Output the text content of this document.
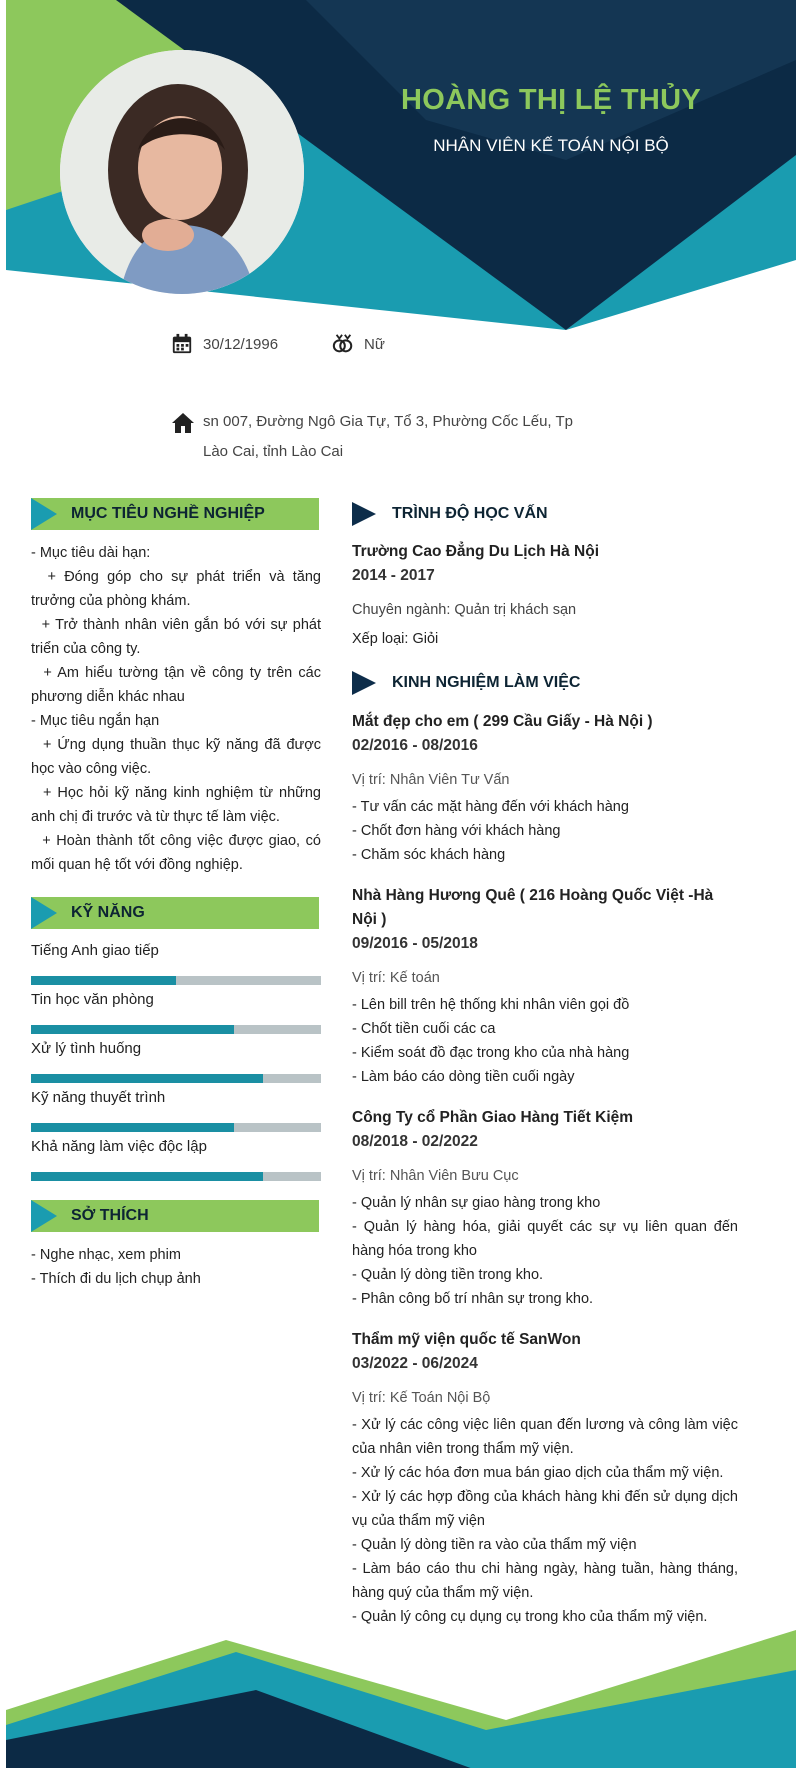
HOÀNG THỊ LỆ THỦY
NHÂN VIÊN KẾ TOÁN NỘI BỘ
30/12/1996	Nữ
sn 007, Đường Ngô Gia Tự, Tổ 3, Phường Cốc Lếu, Tp Lào Cai, tỉnh Lào Cai
MỤC TIÊU NGHỀ NGHIỆP
- Mục tiêu dài hạn:
+ Đóng góp cho sự phát triển và tăng trưởng của phòng khám.
+ Trở thành nhân viên gắn bó với sự phát triển của công ty.
+ Am hiểu tường tận về công ty trên các phương diễn khác nhau
- Mục tiêu ngắn hạn
+ Ứng dụng thuần thục kỹ năng đã được học vào công việc.
+ Học hỏi kỹ năng kinh nghiệm từ những anh chị đi trước và từ thực tế làm việc.
+ Hoàn thành tốt công việc được giao, có mối quan hệ tốt với đồng nghiệp.
KỸ NĂNG
Tiếng Anh giao tiếp
Tin học văn phòng
Xử lý tình huống
Kỹ năng thuyết trình
Khả năng làm việc độc lập
SỞ THÍCH
- Nghe nhạc, xem phim
- Thích đi du lịch chụp ảnh
TRÌNH ĐỘ HỌC VẤN
Trường Cao Đẳng Du Lịch Hà Nội
2014 - 2017
Chuyên ngành: Quản trị khách sạn
Xếp loại: Giỏi
KINH NGHIỆM LÀM VIỆC
Mắt đẹp cho em ( 299 Cầu Giấy - Hà Nội )
02/2016 - 08/2016
Vị trí: Nhân Viên Tư Vấn
- Tư vấn các mặt hàng đến với khách hàng
- Chốt đơn hàng với khách hàng
- Chăm sóc khách hàng
Nhà Hàng Hương Quê ( 216 Hoàng Quốc Việt -Hà Nội )
09/2016 - 05/2018
Vị trí: Kế toán
- Lên bill trên hệ thống khi nhân viên gọi đồ
- Chốt tiền cuối các ca
- Kiểm soát đồ đạc trong kho của nhà hàng
- Làm báo cáo dòng tiền cuối ngày
Công Ty cổ Phần Giao Hàng Tiết Kiệm
08/2018 - 02/2022
Vị trí: Nhân Viên Bưu Cục
- Quản lý nhân sự giao hàng trong kho
- Quản lý hàng hóa, giải quyết các sự vụ liên quan đến hàng hóa trong kho
- Quản lý dòng tiền trong kho.
- Phân công bố trí nhân sự trong kho.
Thẩm mỹ viện quốc tế SanWon
03/2022 - 06/2024
Vị trí: Kế Toán Nội Bộ
- Xử lý các công việc liên quan đến lương và công làm việc của nhân viên trong thẩm mỹ viện.
- Xử lý các hóa đơn mua bán giao dịch của thẩm mỹ viện.
- Xử lý các hợp đồng của khách hàng khi đến sử dụng dịch vụ của thẩm mỹ viện
- Quản lý dòng tiền ra vào của thẩm mỹ viện
- Làm báo cáo thu chi hàng ngày, hàng tuần, hàng tháng, hàng quý của thẩm mỹ viện.
- Quản lý công cụ dụng cụ trong kho của thẩm mỹ viện.
